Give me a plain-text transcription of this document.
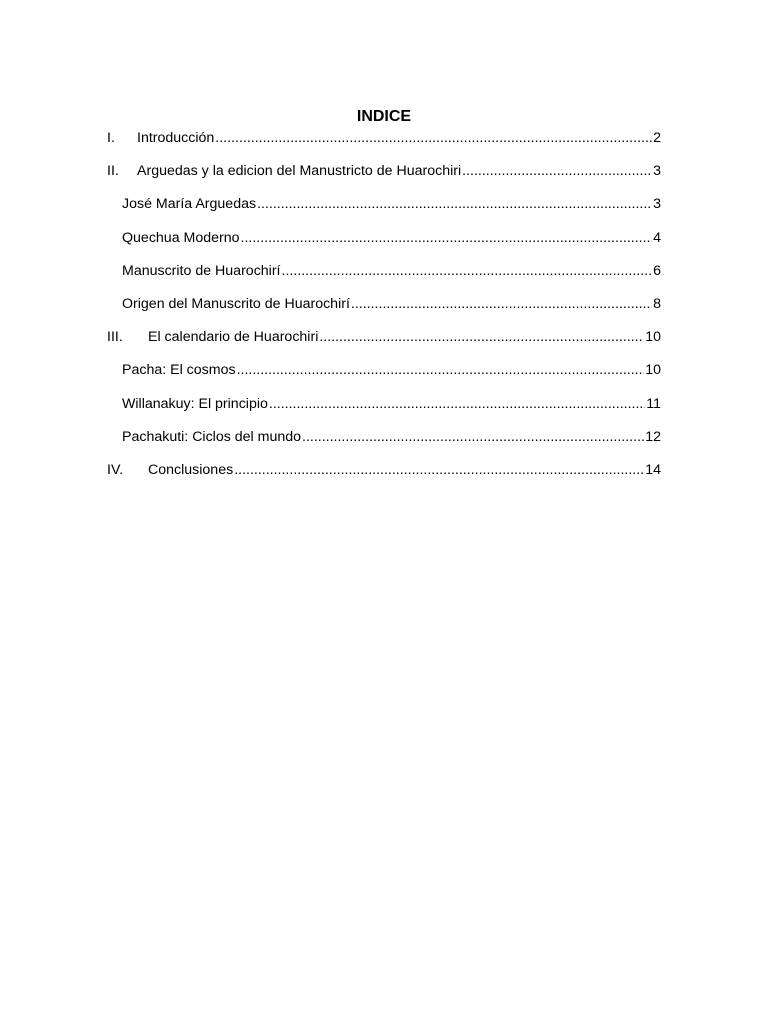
INDICE
I.	Introducción .....	2
II.	Arguedas y la edicion del Manustricto de Huarochiri .....	3
José María Arguedas .....	3
Quechua Moderno .....	4
Manuscrito de Huarochirí .....	6
Origen del Manuscrito de Huarochirí .....	8
III.	El calendario de Huarochiri .....	10
Pacha: El cosmos .....	10
Willanakuy: El principio .....	11
Pachakuti: Ciclos del mundo .....	12
IV.	Conclusiones .....	14
